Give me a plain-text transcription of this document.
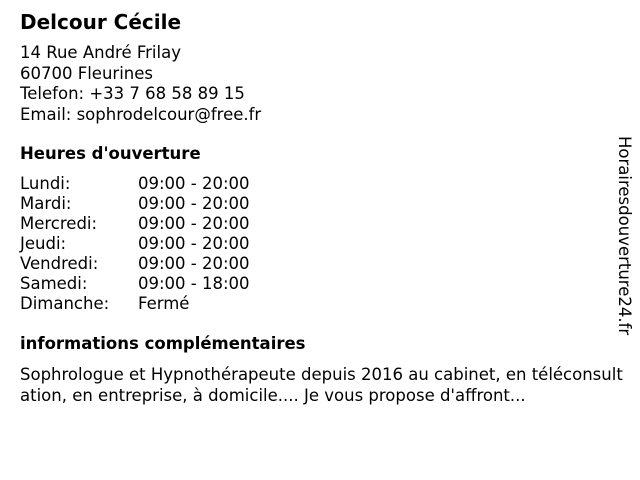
Delcour Cécile
14 Rue André Frilay
60700 Fleurines
Telefon: +33 7 68 58 89 15
Email: sophrodelcour@free.fr
Heures d'ouverture
Lundi:	09:00 - 20:00
Mardi:	09:00 - 20:00
Mercredi: 09:00 - 20:00
Jeudi:	09:00 - 20:00
Vendredi: 09:00 - 20:00
Samedi:	09:00 - 18:00
Dimanche: Fermé
informations complémentaires
Sophrologue et Hypnothérapeute depuis 2016 au cabinet, en téléconsultation, en entreprise, à domicile.... Je vous propose d'affront...
Horairesdouverture24.fr
